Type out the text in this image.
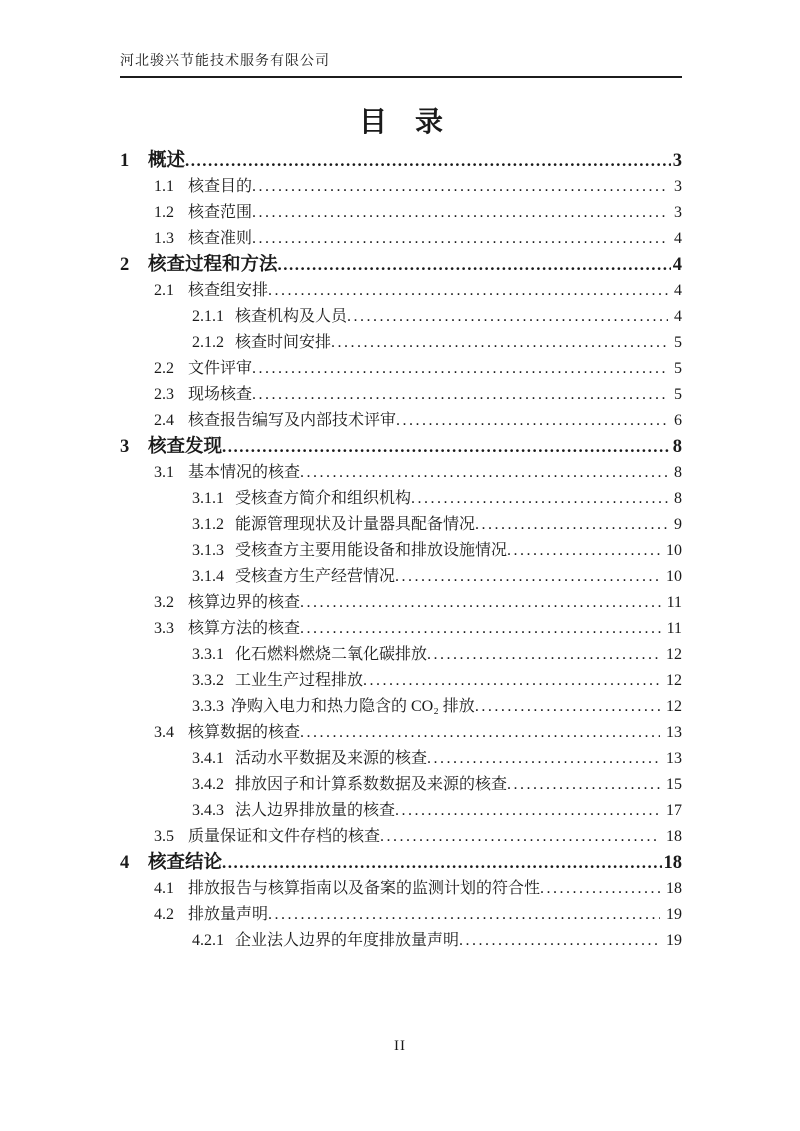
河北骏兴节能技术服务有限公司
目　录
1	概述 .....	3
1.1 核查目的 .....	3
1.2 核查范围 .....	3
1.3 核查准则 .....	4
2	核查过程和方法 .....	4
2.1 核查组安排 .....	4
2.1.1 核查机构及人员 .....	4
2.1.2 核查时间安排 .....	5
2.2 文件评审 .....	5
2.3 现场核查 .....	5
2.4 核查报告编写及内部技术评审 .....	6
3	核查发现 .....	8
3.1 基本情况的核查 .....	8
3.1.1 受核查方简介和组织机构 .....	8
3.1.2 能源管理现状及计量器具配备情况 .....	9
3.1.3 受核查方主要用能设备和排放设施情况 .....	10
3.1.4 受核查方生产经营情况 .....	10
3.2 核算边界的核查 .....	11
3.3 核算方法的核查 .....	11
3.3.1 化石燃料燃烧二氧化碳排放 .....	12
3.3.2 工业生产过程排放 .....	12
3.3.3 净购入电力和热力隐含的 CO₂ 排放 .....	12
3.4 核算数据的核查 .....	13
3.4.1 活动水平数据及来源的核查 .....	13
3.4.2 排放因子和计算系数数据及来源的核查 .....	15
3.4.3 法人边界排放量的核查 .....	17
3.5 质量保证和文件存档的核查 .....	18
4	核查结论 .....	18
4.1 排放报告与核算指南以及备案的监测计划的符合性 .....	18
4.2 排放量声明 .....	19
4.2.1 企业法人边界的年度排放量声明 .....	19
II
